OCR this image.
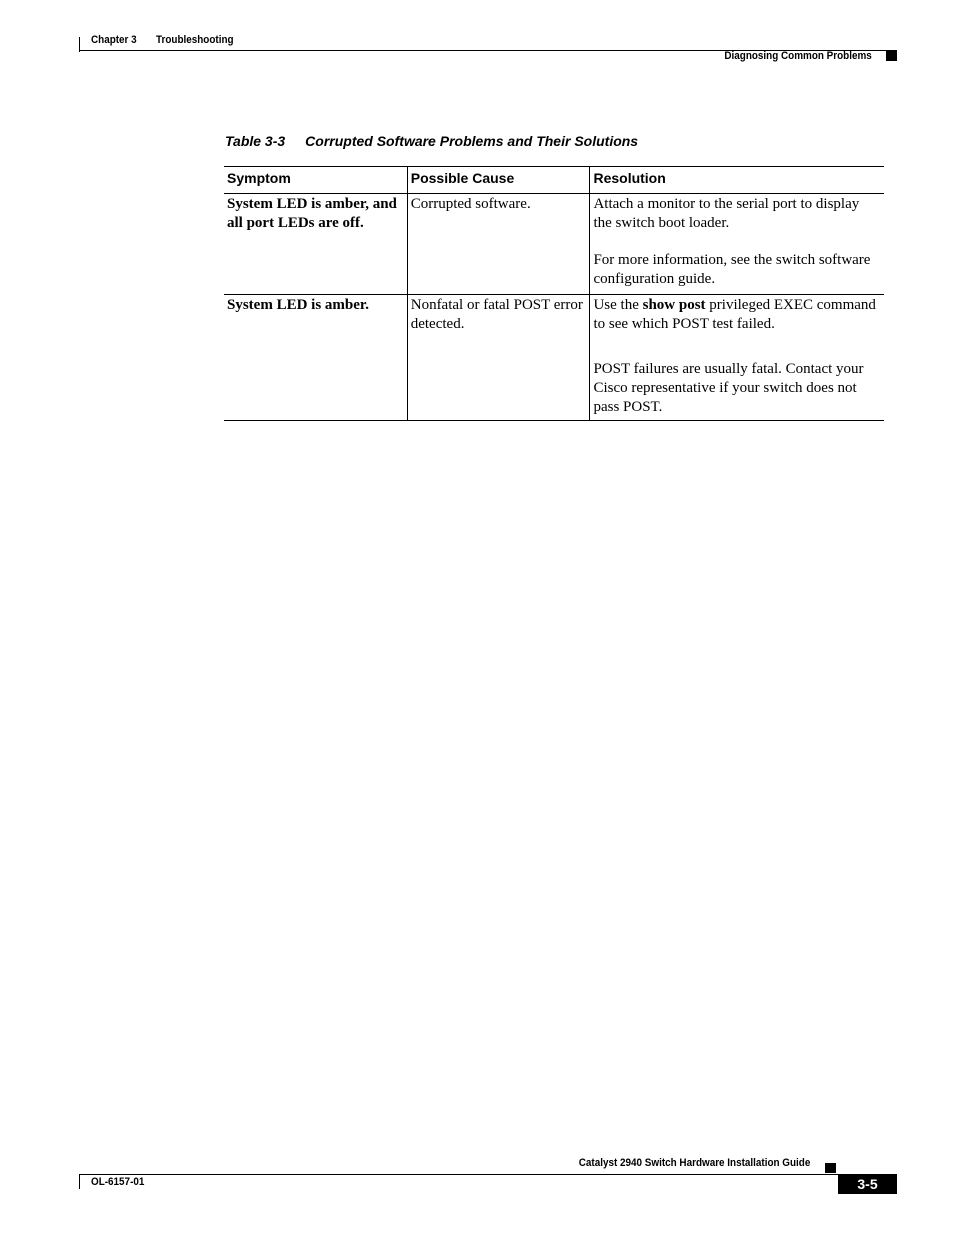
Chapter 3 Troubleshooting
Diagnosing Common Problems
Table 3-3 Corrupted Software Problems and Their Solutions
Symptom	Possible Cause	Resolution
System LED is amber, and all port LEDs are off.	Corrupted software.	Attach a monitor to the serial port to display the switch boot loader.

For more information, see the switch software configuration guide.

System LED is amber.	Nonfatal or fatal POST error detected.	Use the show post privileged EXEC command to see which POST test failed.

POST failures are usually fatal. Contact your Cisco representative if your switch does not pass POST.

Catalyst 2940 Switch Hardware Installation Guide
OL-6157-01	3-5
